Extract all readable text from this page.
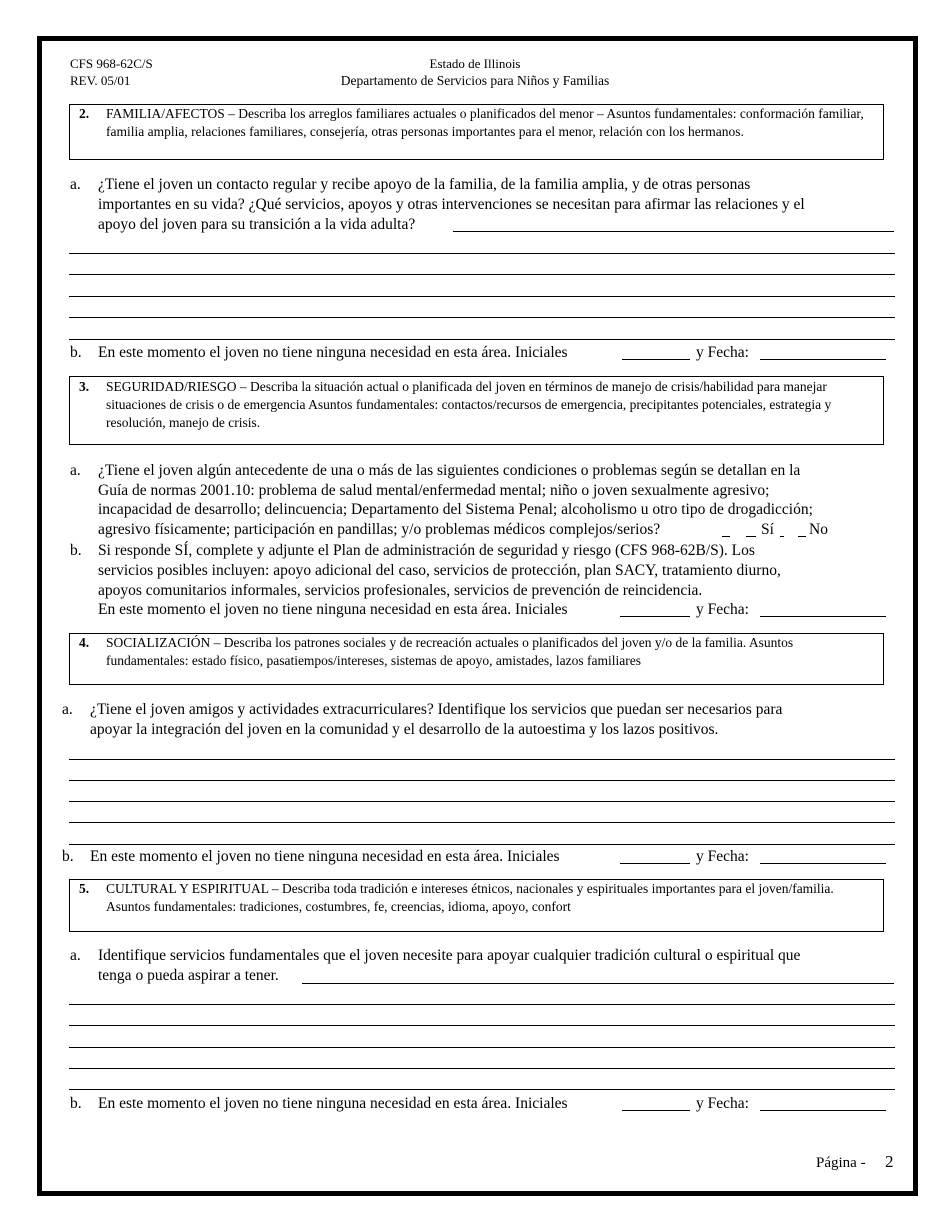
CFS 968-62C/S
REV. 05/01
Estado de Illinois
Departamento de Servicios para Niños y Familias
2. FAMILIA/AFECTOS – Describa los arreglos familiares actuales o planificados del menor – Asuntos fundamentales: conformación familiar, familia amplia, relaciones familiares, consejería, otras personas importantes para el menor, relación con los hermanos.
a. ¿Tiene el joven un contacto regular y recibe apoyo de la familia, de la familia amplia, y de otras personas
importantes en su vida? ¿Qué servicios, apoyos y otras intervenciones se necesitan para afirmar las relaciones y el
apoyo del joven para su transición a la vida adulta?
b. En este momento el joven no tiene ninguna necesidad en esta área. Iniciales	y Fecha:
3. SEGURIDAD/RIESGO – Describa la situación actual o planificada del joven en términos de manejo de crisis/habilidad para manejar situaciones de crisis o de emergencia Asuntos fundamentales: contactos/recursos de emergencia, precipitantes potenciales, estrategia y resolución, manejo de crisis.
a. ¿Tiene el joven algún antecedente de una o más de las siguientes condiciones o problemas según se detallan en la
Guía de normas 2001.10: problema de salud mental/enfermedad mental; niño o joven sexualmente agresivo;
incapacidad de desarrollo; delincuencia; Departamento del Sistema Penal; alcoholismo u otro tipo de drogadicción;
agresivo físicamente; participación en pandillas; y/o problemas médicos complejos/serios?	Sí No
b. Si responde SÍ, complete y adjunte el Plan de administración de seguridad y riesgo (CFS 968-62B/S). Los
servicios posibles incluyen: apoyo adicional del caso, servicios de protección, plan SACY, tratamiento diurno,
apoyos comunitarios informales, servicios profesionales, servicios de prevención de reincidencia.
En este momento el joven no tiene ninguna necesidad en esta área. Iniciales	y Fecha:
4. SOCIALIZACIÓN – Describa los patrones sociales y de recreación actuales o planificados del joven y/o de la familia. Asuntos fundamentales: estado físico, pasatiempos/intereses, sistemas de apoyo, amistades, lazos familiares
a. ¿Tiene el joven amigos y actividades extracurriculares? Identifique los servicios que puedan ser necesarios para
apoyar la integración del joven en la comunidad y el desarrollo de la autoestima y los lazos positivos.
b. En este momento el joven no tiene ninguna necesidad en esta área. Iniciales	y Fecha:
5. CULTURAL Y ESPIRITUAL – Describa toda tradición e intereses étnicos, nacionales y espirituales importantes para el joven/familia. Asuntos fundamentales: tradiciones, costumbres, fe, creencias, idioma, apoyo, confort
a. Identifique servicios fundamentales que el joven necesite para apoyar cualquier tradición cultural o espiritual que
tenga o pueda aspirar a tener.
b. En este momento el joven no tiene ninguna necesidad en esta área. Iniciales	y Fecha:
Página - 2
